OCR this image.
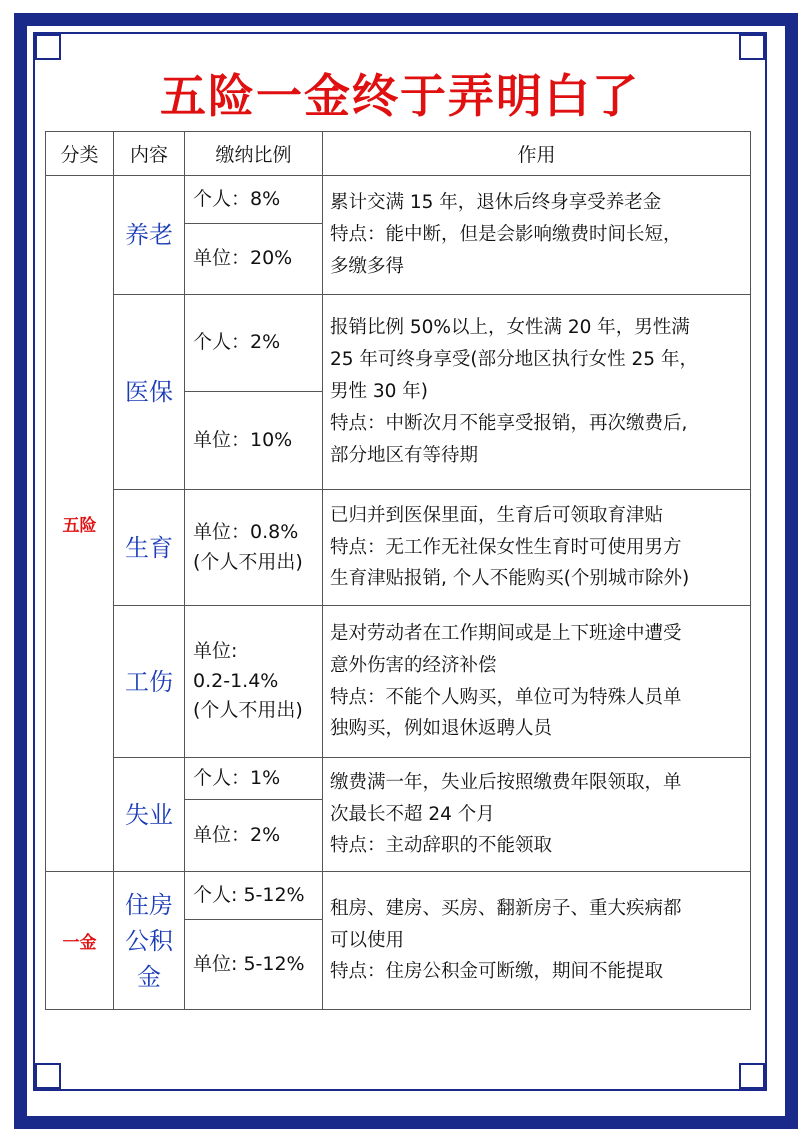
五险一金终于弄明白了
分类	内容	缴纳比例	作用
五险	养老	个人：8%	累计交满 15 年，退休后终身享受养老金
特点：能中断，但是会影响缴费时间长短，
多缴多得

		单位：20%	
	医保	个人：2%	报销比例 50%以上，女性满 20 年，男性满
25 年可终身享受(部分地区执行女性 25 年，
男性 30 年)
特点：中断次月不能享受报销，再次缴费后,
部分地区有等待期

		单位：10%	
	生育	单位：0.8%
(个人不用出)	已归并到医保里面，生育后可领取育津贴
特点：无工作无社保女性生育时可使用男方
生育津贴报销, 个人不能购买(个别城市除外)

	工伤	单位:
0.2-1.4%
(个人不用出)	是对劳动者在工作期间或是上下班途中遭受
意外伤害的经济补偿
特点：不能个人购买，单位可为特殊人员单
独购买，例如退休返聘人员

	失业	个人：1%	缴费满一年，失业后按照缴费年限领取，单
次最长不超 24 个月
特点：主动辞职的不能领取

		单位：2%	

一金	住房
公积
金	个人: 5-12%	租房、建房、买房、翻新房子、重大疾病都
可以使用
特点：住房公积金可断缴，期间不能提取

		单位: 5-12%	
